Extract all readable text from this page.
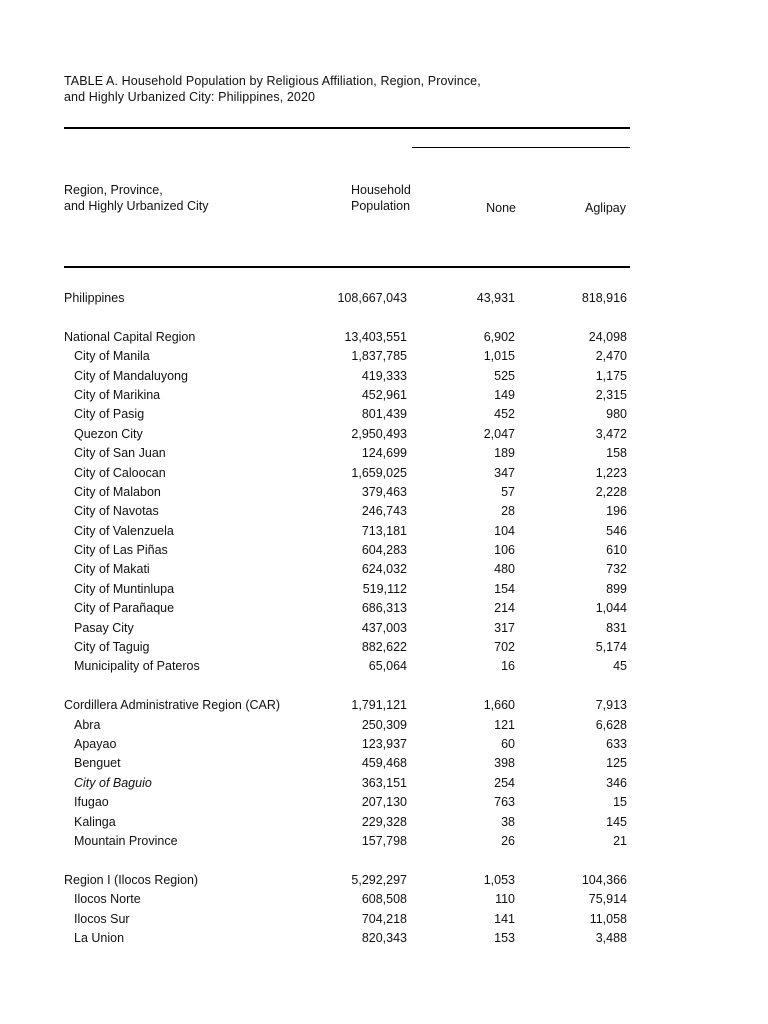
TABLE A. Household Population by Religious Affiliation, Region, Province,
and Highly Urbanized City: Philippines, 2020
Region, Province,
and Highly Urbanized City
Household
Population	None	Aglipay
Philippines	108,667,043	43,931	818,916
National Capital Region	13,403,551	6,902	24,098
City of Manila	1,837,785	1,015	2,470
City of Mandaluyong	419,333	525	1,175
City of Marikina	452,961	149	2,315
City of Pasig	801,439	452	980
Quezon City	2,950,493	2,047	3,472
City of San Juan	124,699	189	158
City of Caloocan	1,659,025	347	1,223
City of Malabon	379,463	57	2,228
City of Navotas	246,743	28	196
City of Valenzuela	713,181	104	546
City of Las Piñas	604,283	106	610
City of Makati	624,032	480	732
City of Muntinlupa	519,112	154	899
City of Parañaque	686,313	214	1,044
Pasay City	437,003	317	831
City of Taguig	882,622	702	5,174
Municipality of Pateros	65,064	16	45
Cordillera Administrative Region (CAR)	1,791,121	1,660	7,913
Abra	250,309	121	6,628
Apayao	123,937	60	633
Benguet	459,468	398	125
City of Baguio	363,151	254	346
Ifugao	207,130	763	15
Kalinga	229,328	38	145
Mountain Province	157,798	26	21
Region I (Ilocos Region)	5,292,297	1,053	104,366
Ilocos Norte	608,508	110	75,914
Ilocos Sur	704,218	141	11,058
La Union	820,343	153	3,488
